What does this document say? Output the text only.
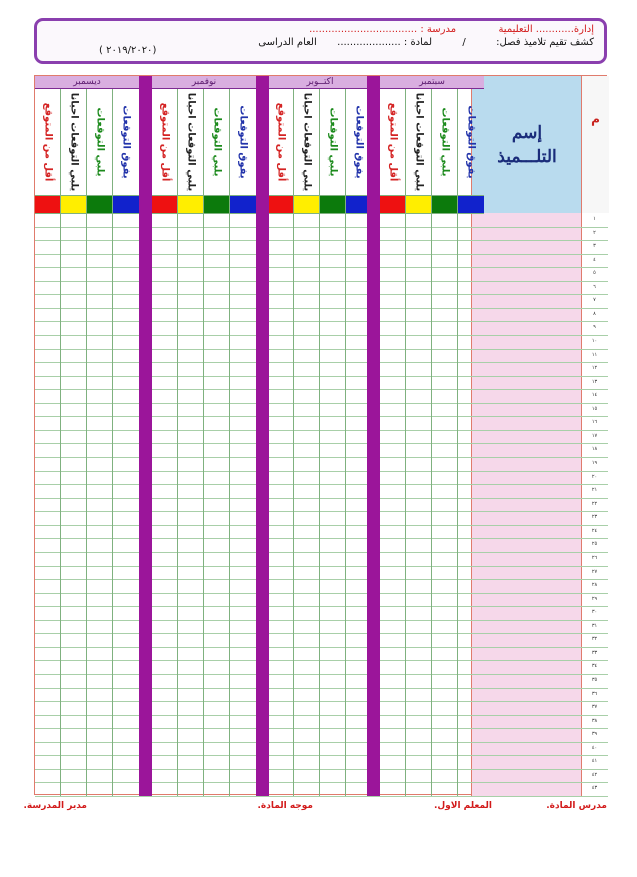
إدارة............ التعليمية  مدرسة : ..................................
كشف تقيم تلاميذ فصل:  /  لمادة : ....................  العام الدراسى
(٢٠١٩/٢٠٢٠ )
إسم
التلـــميذ
م
١
٢
٣
٤
٥
٦
٧
٨
٩
١٠
١١
١٢
١٣
١٤
١٥
١٦
١٧
١٨
١٩
٢٠
٢١
٢٢
٢٣
٢٤
٢٥
٢٦
٢٧
٢٨
٢٩
٣٠
٣١
٣٢
٣٣
٣٤
٣٥
٣٦
٣٧
٣٨
٣٩
٤٠
٤١
٤٢
٤٣
ديسمبر
أقل من المتوقع يلبي التوقعات احيانا يلبي التوقعات يفوق التوقعات
نوفمبر
أقل من المتوقع يلبي التوقعات احيانا يلبي التوقعات يفوق التوقعات
اكتــوبر
أقل من المتوقع يلبي التوقعات احيانا يلبي التوقعات يفوق التوقعات
سبتمبر
أقل من المتوقع يلبي التوقعات احيانا يلبي التوقعات يفوق التوقعات
مدرس المادة.
المعلم الاول.
موجه المادة.
مدير المدرسة.
